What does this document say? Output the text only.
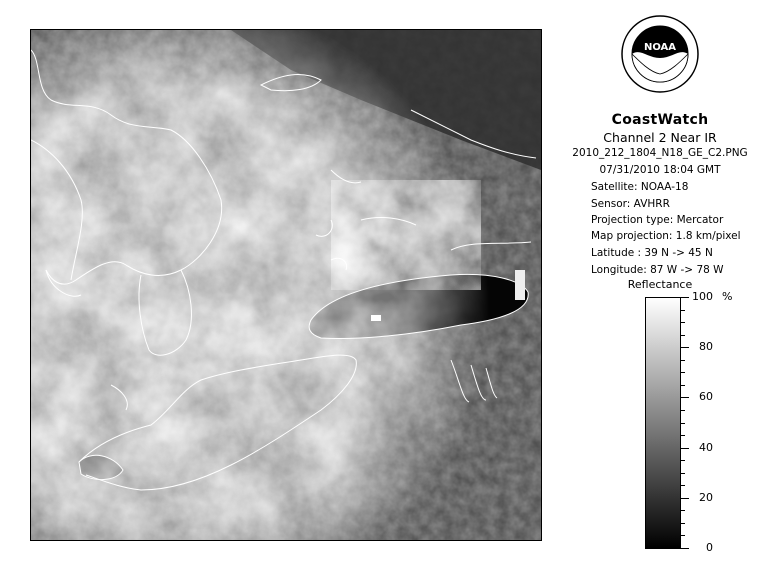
NOAA
CoastWatch
Channel 2 Near IR
2010_212_1804_N18_GE_C2.PNG
07/31/2010 18:04 GMT
Satellite: NOAA-18
Sensor: AVHRR
Projection type: Mercator
Map projection: 1.8 km/pixel
Latitude : 39 N -> 45 N
Longitude: 87 W -> 78 W
Reflectance
%
100
80
60
40
20
0
